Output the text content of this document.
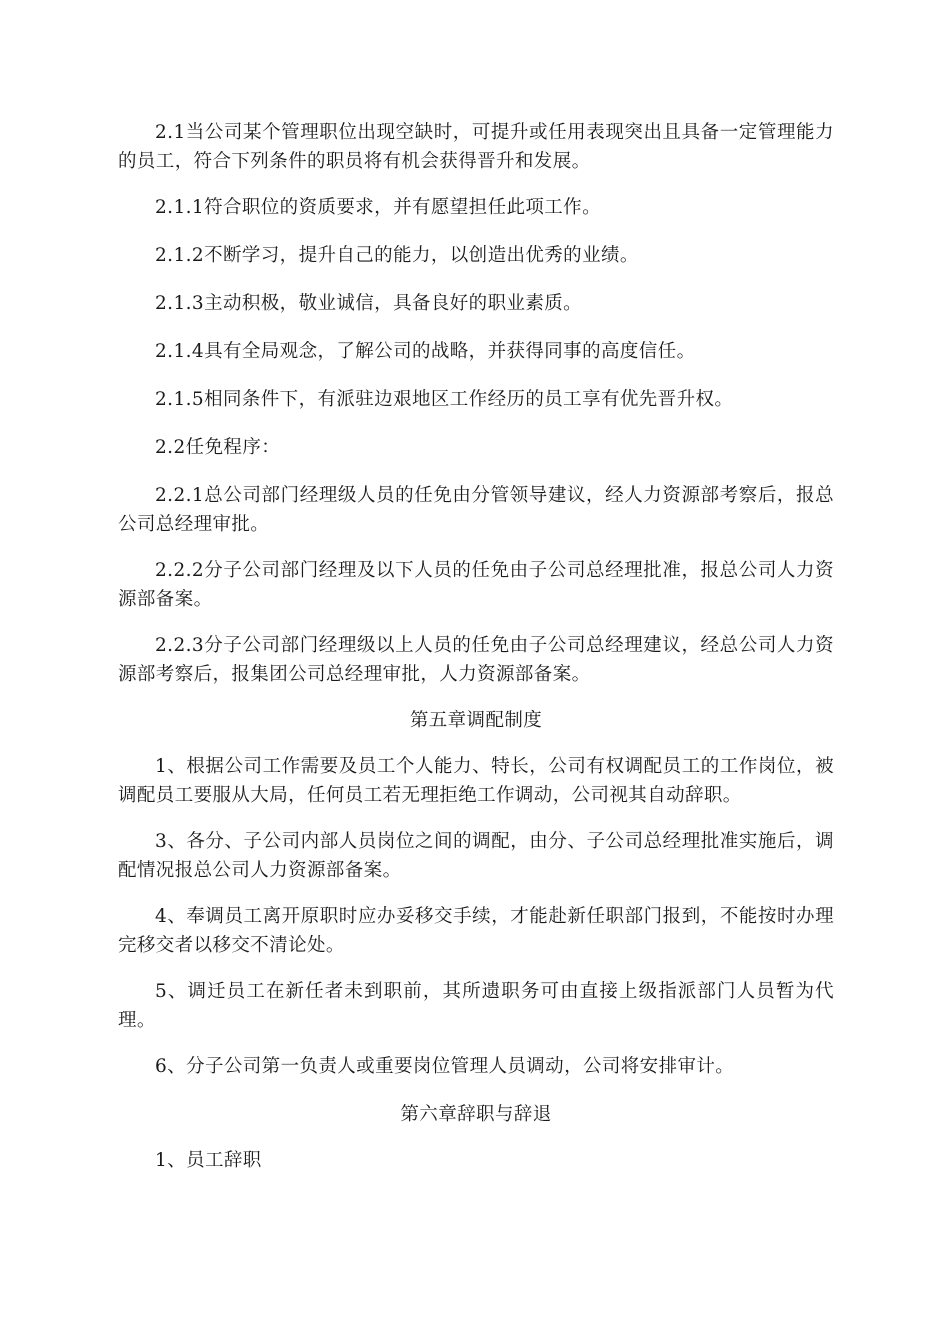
2.1当公司某个管理职位出现空缺时，可提升或任用表现突出且具备一定管理能力的员工，符合下列条件的职员将有机会获得晋升和发展。

2.1.1符合职位的资质要求，并有愿望担任此项工作。

2.1.2不断学习，提升自己的能力，以创造出优秀的业绩。

2.1.3主动积极，敬业诚信，具备良好的职业素质。

2.1.4具有全局观念，了解公司的战略，并获得同事的高度信任。

2.1.5相同条件下，有派驻边艰地区工作经历的员工享有优先晋升权。

2.2任免程序：

2.2.1总公司部门经理级人员的任免由分管领导建议，经人力资源部考察后，报总公司总经理审批。

2.2.2分子公司部门经理及以下人员的任免由子公司总经理批准，报总公司人力资源部备案。

2.2.3分子公司部门经理级以上人员的任免由子公司总经理建议，经总公司人力资源部考察后，报集团公司总经理审批，人力资源部备案。

第五章调配制度

1、根据公司工作需要及员工个人能力、特长，公司有权调配员工的工作岗位，被调配员工要服从大局，任何员工若无理拒绝工作调动，公司视其自动辞职。

3、各分、子公司内部人员岗位之间的调配，由分、子公司总经理批准实施后，调配情况报总公司人力资源部备案。

4、奉调员工离开原职时应办妥移交手续，才能赴新任职部门报到，不能按时办理完移交者以移交不清论处。

5、调迁员工在新任者未到职前，其所遗职务可由直接上级指派部门人员暂为代理。

6、分子公司第一负责人或重要岗位管理人员调动，公司将安排审计。

第六章辞职与辞退

1、员工辞职
